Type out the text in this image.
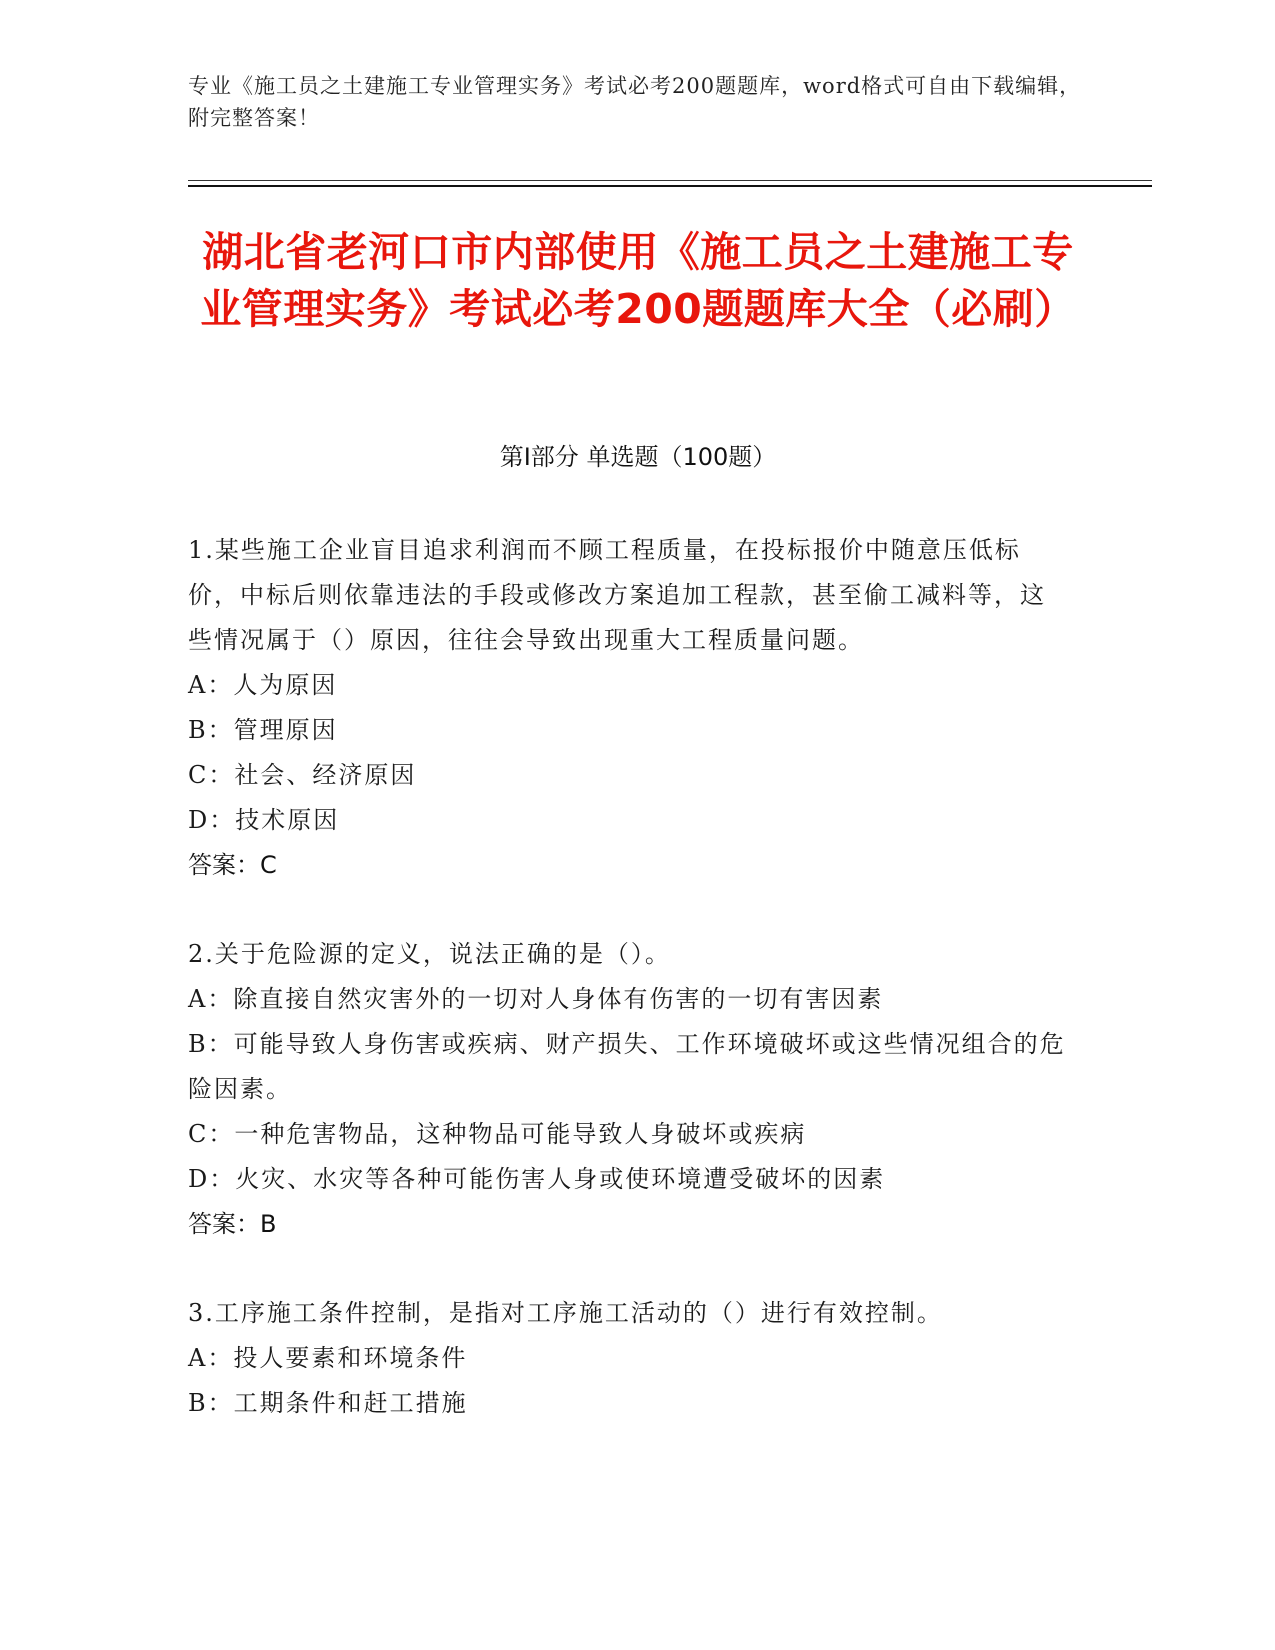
专业《施工员之土建施工专业管理实务》考试必考200题题库，word格式可自由下载编辑，附完整答案！
湖北省老河口市内部使用《施工员之土建施工专业管理实务》考试必考200题题库大全（必刷）
第I部分 单选题（100题）
1.某些施工企业盲目追求利润而不顾工程质量，在投标报价中随意压低标价，中标后则依靠违法的手段或修改方案追加工程款，甚至偷工减料等，这些情况属于（）原因，往往会导致出现重大工程质量问题。
A：人为原因
B：管理原因
C：社会、经济原因
D：技术原因
答案：C
2.关于危险源的定义，说法正确的是（）。
A：除直接自然灾害外的一切对人身体有伤害的一切有害因素
B：可能导致人身伤害或疾病、财产损失、工作环境破坏或这些情况组合的危险因素。
C：一种危害物品，这种物品可能导致人身破坏或疾病
D：火灾、水灾等各种可能伤害人身或使环境遭受破坏的因素
答案：B
3.工序施工条件控制，是指对工序施工活动的（）进行有效控制。
A：投人要素和环境条件
B：工期条件和赶工措施
